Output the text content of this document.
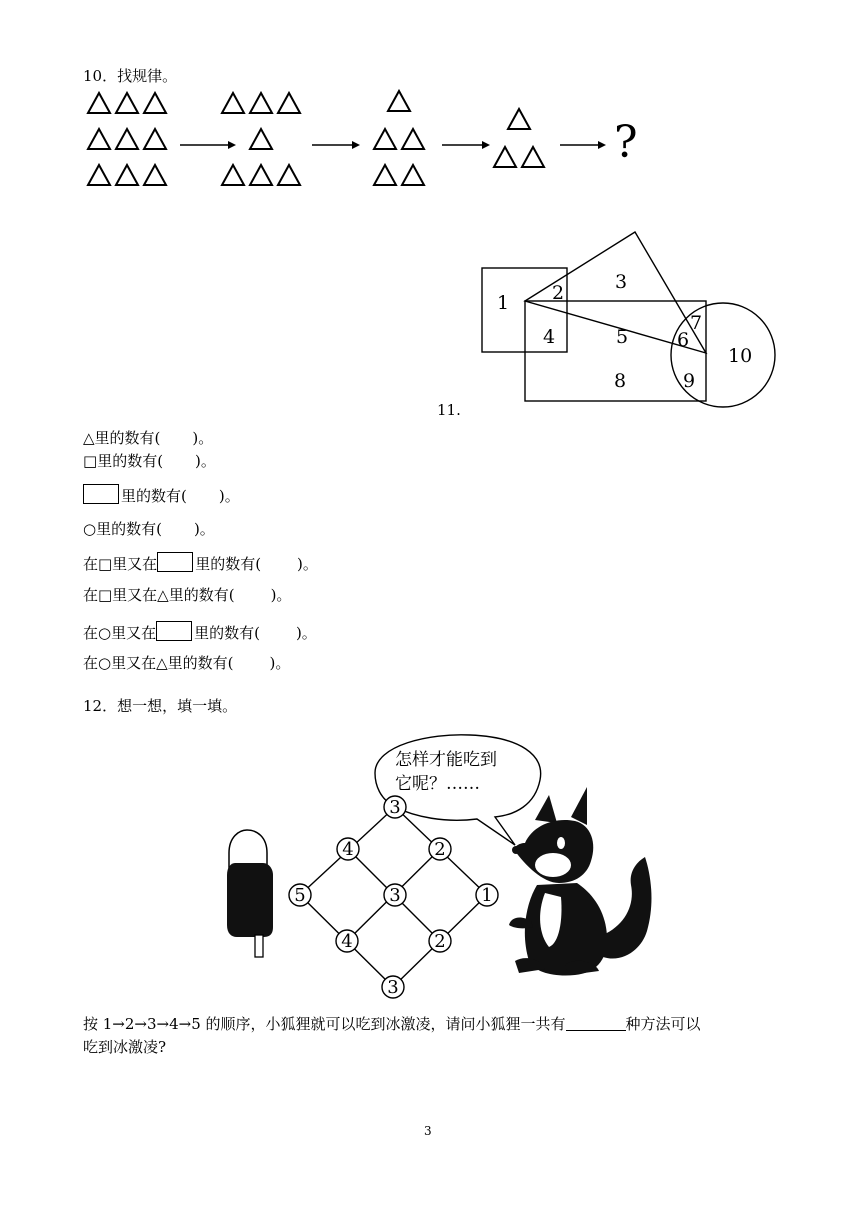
10．找规律。
?
1 2	3
4	5	6
7
8	9
10
11.
△里的数有( )。
□里的数有( )。
里的数有( )。
○里的数有( )。
在□里又在	里的数有( )。
在□里又在△里的数有( )。
在○里又在	里的数有( )。
在○里又在△里的数有( )。
12．想一想，填一填。
怎样才能吃到
它呢？……
3
4	2
5	3	1
4	2
3
按 1→2→3→4→5 的顺序，小狐狸就可以吃到冰激凌，请问小狐狸一共有	种方法可以
吃到冰激凌?
3
